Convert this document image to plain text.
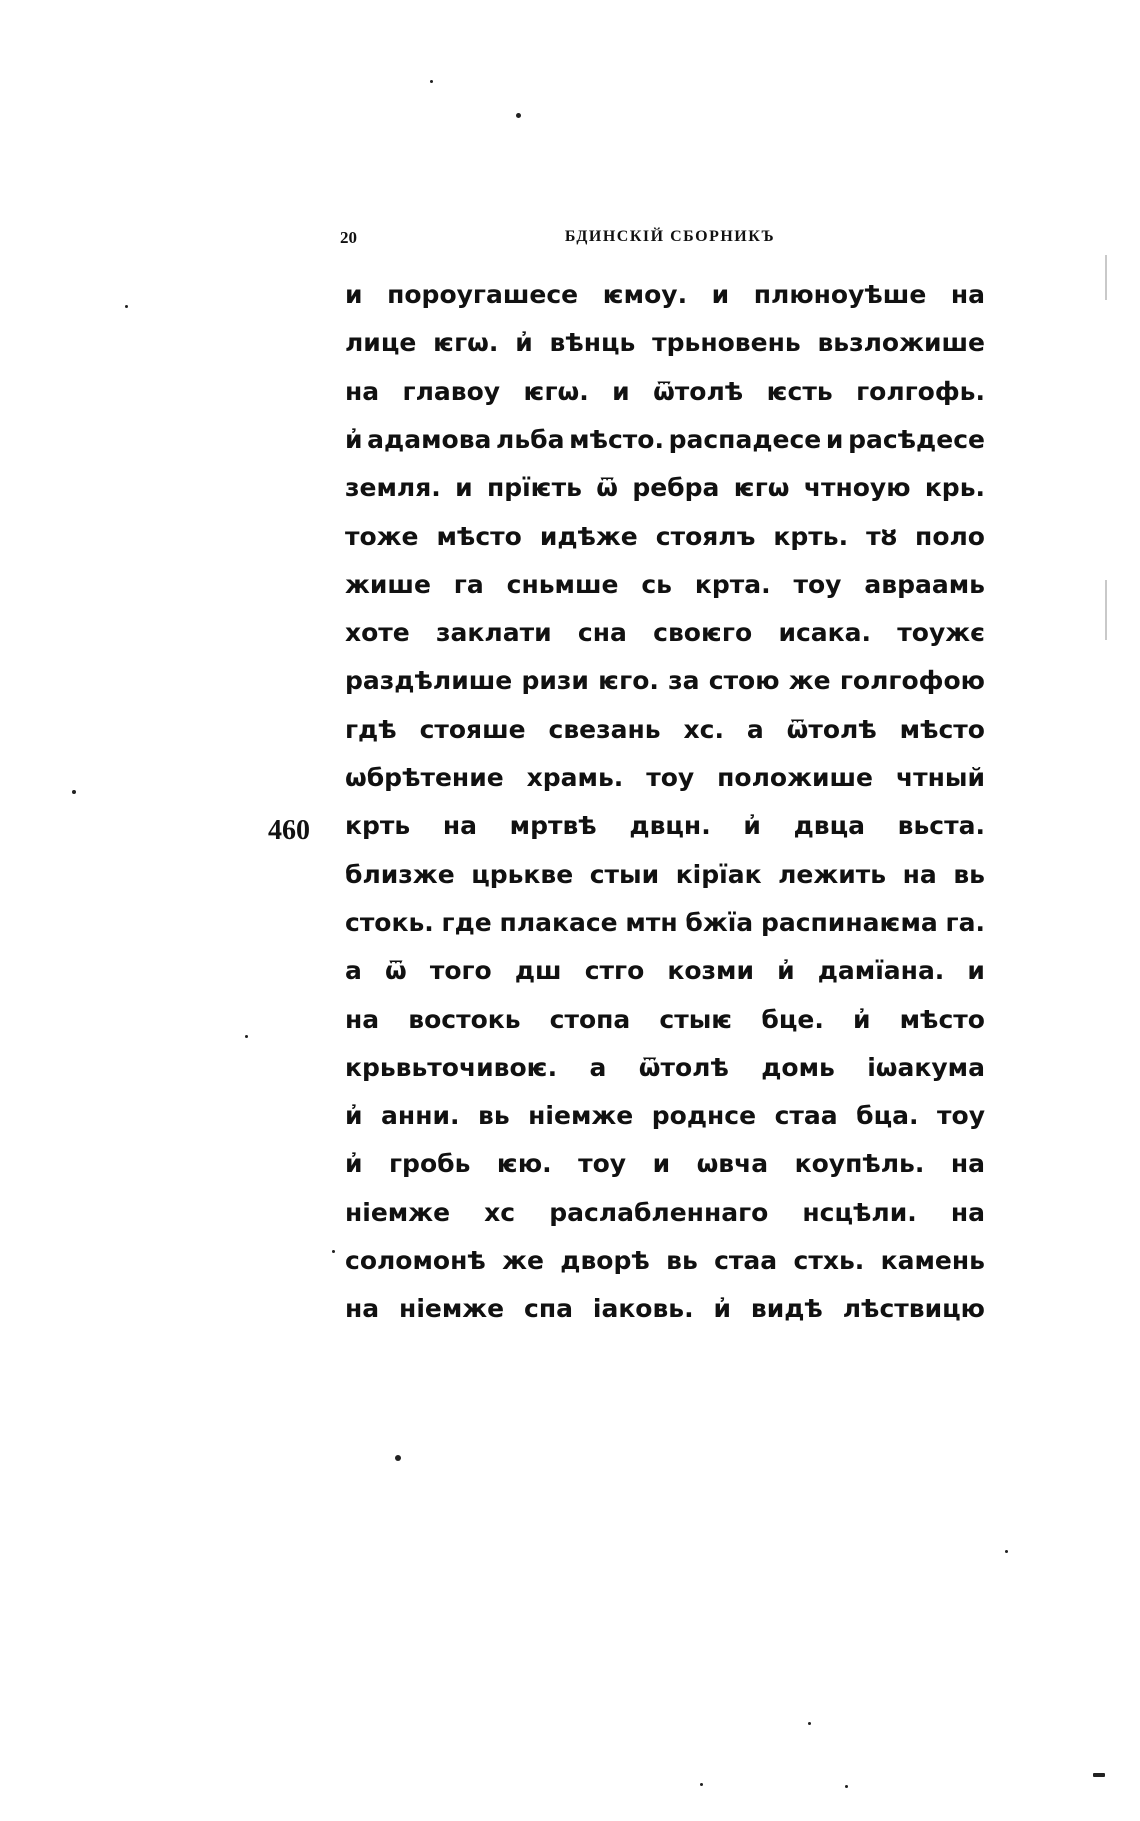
20	БДИНСКІЙ СБОРНИКЪ
460
и пороугашесе ѥмоу. и плюноуѣше на
лице ѥгѡ. и҆ вѣнць трьновень вьзложише
на главоу ѥгѡ. и ѿтолѣ ѥсть голгофь.
и҆ адамова льба мѣсто. распадесе и расѣдесе
земля. и прїѥть ѿ ребра ѥгѡ чтноую крь.
тоже мѣсто идѣже стоялъ крть. тȣ поло
жише га сньмше сь крта. тоу авраамь
хоте заклати сна своѥго исака. тоужє
раздѣлише ризи ѥго. за стою же голгофою
гдѣ стояше свезань хс. а ѿтолѣ мѣсто
ѡбрѣтение храмь. тоу положише чтный
крть на мртвѣ двцн. и҆ двца вьста.
близже црькве стыи кірїак лежить на вь
стокь. где плакасе мтн бжїа распинаѥма га.
а ѿ того дш стго козми и҆ дамїана. и
на востокь стопа стыѥ бце. и҆ мѣсто
крьвьточивоѥ. а ѿтолѣ домь іѡакума
и҆ анни. вь ніемже роднсе стаа бца. тоу
и҆ гробь ѥю. тоу и ѡвча коупѣль. на
ніемже хс раслабленнаго нсцѣли. на
соломонѣ же дворѣ вь стаа стхь. камень
на ніемже спа іаковь. и҆ видѣ лѣствицю
